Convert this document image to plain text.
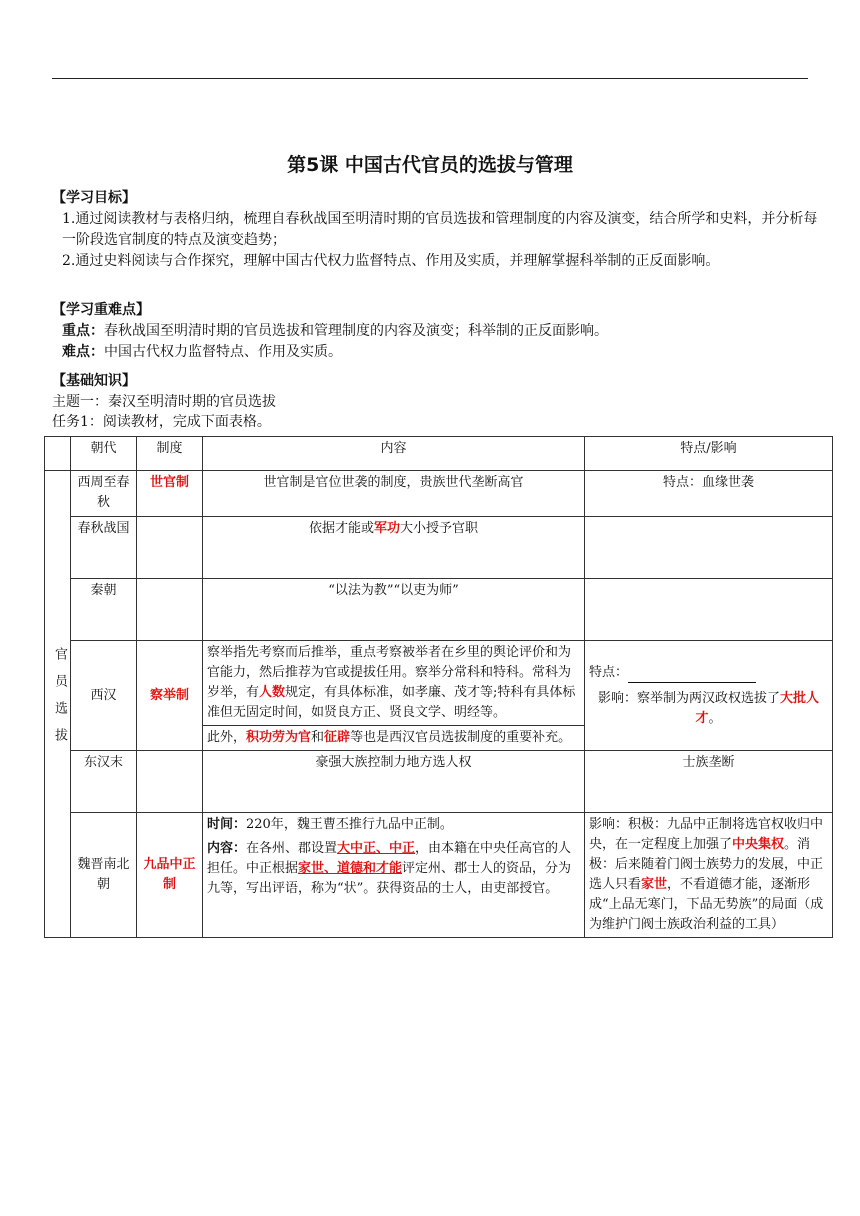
第5课 中国古代官员的选拔与管理
【学习目标】
1.通过阅读教材与表格归纳，梳理自春秋战国至明清时期的官员选拔和管理制度的内容及演变，结合所学和史料，并分析每一阶段选官制度的特点及演变趋势；
2.通过史料阅读与合作探究，理解中国古代权力监督特点、作用及实质，并理解掌握科举制的正反面影响。
【学习重难点】
重点：春秋战国至明清时期的官员选拔和管理制度的内容及演变；科举制的正反面影响。
难点：中国古代权力监督特点、作用及实质。
【基础知识】
主题一：秦汉至明清时期的官员选拔
任务1：阅读教材，完成下面表格。
	朝代	制度	内容	特点/影响
官员选拔	西周至春秋	世官制	世官制是官位世袭的制度，贵族世代垄断高官	特点：血缘世袭
	春秋战国		依据才能或军功大小授予官职	
	秦朝		“以法为教”“以吏为师”	
	西汉	察举制	察举指先考察而后推举，重点考察被举者在乡里的舆论评价和为官能力，然后推荐为官或提拔任用。察举分常科和特科。常科为岁举，有人数规定，有具体标准，如孝廉、茂才等;特科有具体标准但无固定时间，如贤良方正、贤良文学、明经等。	特点：
影响：察举制为两汉政权选拔了大批人才。

			此外，积功劳为官和征辟等也是西汉官员选拔制度的重要补充。	
	东汉末		豪强大族控制力地方选人权	士族垄断
	魏晋南北朝	九品中正制	时间：220年，魏王曹丕推行九品中正制。
内容：在各州、郡设置大中正、中正，由本籍在中央任高官的人担任。中正根据家世、道德和才能评定州、郡士人的资品，分为九等，写出评语，称为“状”。获得资品的士人，由吏部授官。	影响：积极：九品中正制将选官权收归中央，在一定程度上加强了中央集权。消极：后来随着门阀士族势力的发展，中正选人只看家世，不看道德才能，逐渐形成“上品无寒门，下品无势族”的局面（成为维护门阀士族政治利益的工具）
